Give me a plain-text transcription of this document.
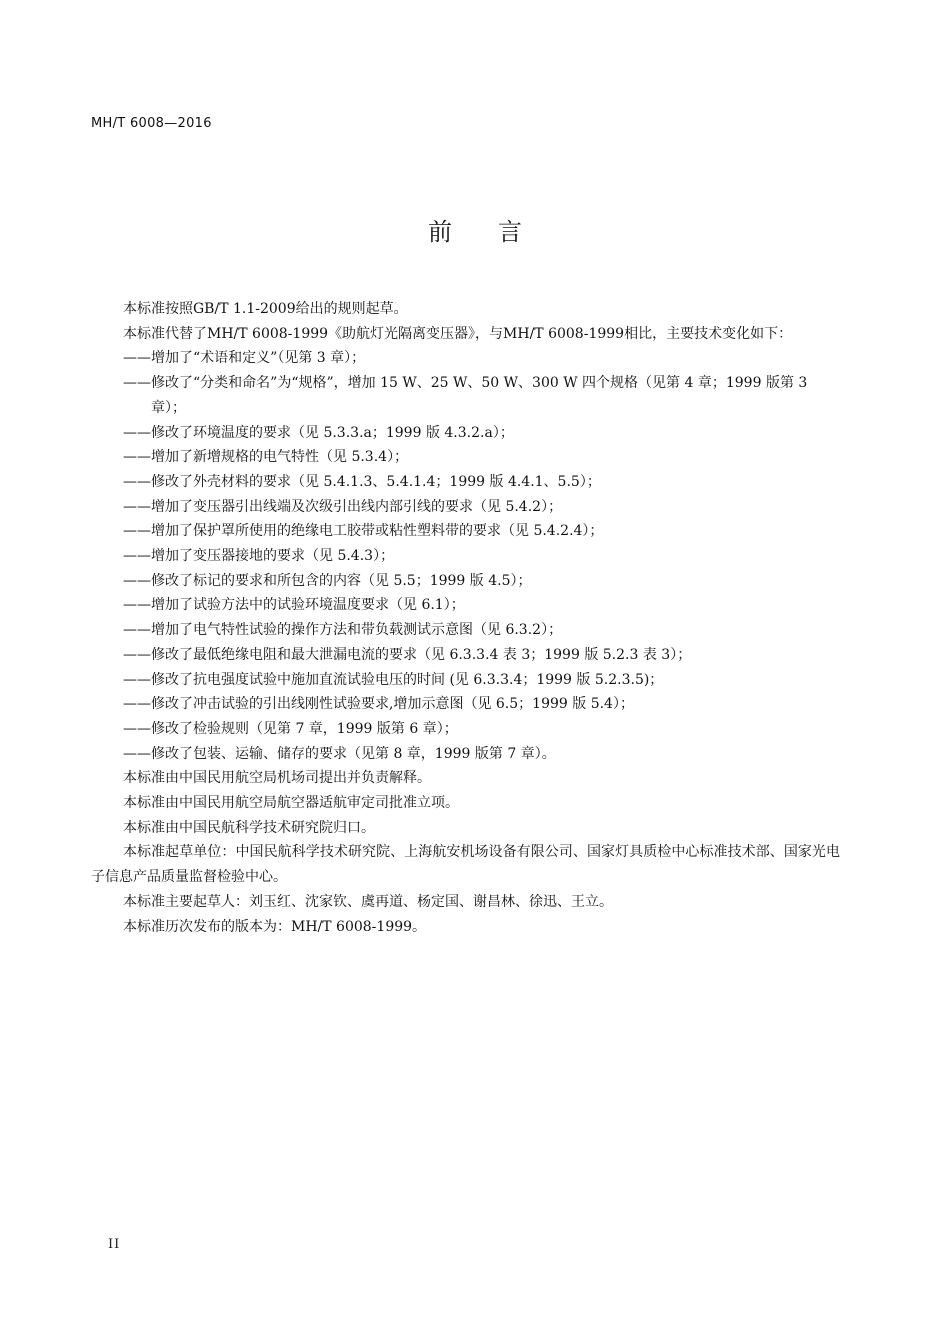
MH/T 6008—2016
前言

本标准按照GB/T 1.1-2009给出的规则起草。

本标准代替了MH/T 6008-1999《助航灯光隔离变压器》，与MH/T 6008-1999相比，主要技术变化如下：

——增加了“术语和定义”（见第 3 章）；

——修改了“分类和命名”为“规格”，增加 15 W、25 W、50 W、300 W 四个规格（见第 4 章；1999 版第 3 章）；

——修改了环境温度的要求（见 5.3.3.a；1999 版 4.3.2.a）；

——增加了新增规格的电气特性（见 5.3.4）；

——修改了外壳材料的要求（见 5.4.1.3、5.4.1.4；1999 版 4.4.1、5.5）；

——增加了变压器引出线端及次级引出线内部引线的要求（见 5.4.2）；

——增加了保护罩所使用的绝缘电工胶带或粘性塑料带的要求（见 5.4.2.4）；

——增加了变压器接地的要求（见 5.4.3）；

——修改了标记的要求和所包含的内容（见 5.5；1999 版 4.5）；

——增加了试验方法中的试验环境温度要求（见 6.1）；

——增加了电气特性试验的操作方法和带负载测试示意图（见 6.3.2）；

——修改了最低绝缘电阻和最大泄漏电流的要求（见 6.3.3.4 表 3；1999 版 5.2.3 表 3）；

——修改了抗电强度试验中施加直流试验电压的时间 (见 6.3.3.4；1999 版 5.2.3.5)；

——修改了冲击试验的引出线刚性试验要求,增加示意图（见 6.5；1999 版 5.4）；

——修改了检验规则（见第 7 章，1999 版第 6 章）；

——修改了包装、运输、储存的要求（见第 8 章，1999 版第 7 章）。

本标准由中国民用航空局机场司提出并负责解释。

本标准由中国民用航空局航空器适航审定司批准立项。

本标准由中国民航科学技术研究院归口。

本标准起草单位：中国民航科学技术研究院、上海航安机场设备有限公司、国家灯具质检中心标准技术部、国家光电子信息产品质量监督检验中心。

本标准主要起草人：刘玉红、沈家钦、虞再道、杨定国、谢昌林、徐迅、王立。

本标准历次发布的版本为：MH/T 6008-1999。

II
